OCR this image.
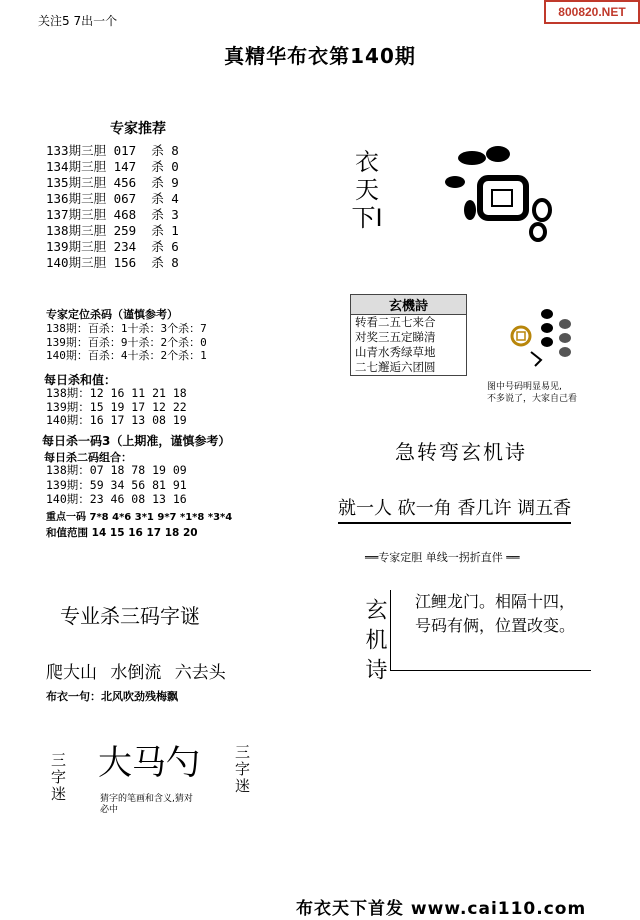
800820.NET
关注5 7出一个
真精华布衣第140期
专家推荐
133期三胆 017  杀 8
134期三胆 147  杀 0
135期三胆 456  杀 9
136期三胆 067  杀 4
137期三胆 468  杀 3
138期三胆 259  杀 1
139期三胆 234  杀 6
140期三胆 156  杀 8
专家定位杀码（谨慎参考）
138期：百杀：1十杀：3个杀：7
139期：百杀：9十杀：2个杀：0
140期：百杀：4十杀：2个杀：1
每日杀和值：
138期：12 16 11 21 18
139期：15 19 17 12 22
140期：16 17 13 08 19
每日杀一码3（上期准，谨慎参考）
每日杀二码组合：
138期：07 18 78 19 09
139期：59 34 56 81 91
140期：23 46 08 13 16
重点一码 7*8 4*6 3*1 9*7 *1*8 *3*4
和值范围 14 15 16 17 18 20
专业杀三码字谜
爬大山 水倒流 六去头
布衣一句：北风吹劲残梅飘
三字迷 大马勺
猜字的笔画和含义,猜对必中
三字迷
衣天下I
玄機詩
转看二五七来合
对奖三五定睇清
山青水秀绿草地
二七邂逅六团圆
图中号码明显易见,
不多说了，大家自己看
急转弯玄机诗
就一人 砍一角 香几许 调五香
══专家定胆 单线一拐折直伴 ══
玄机诗 江鲤龙门。相隔十四，
号码有俩，位置改变。
布衣天下首发 www.cai110.com
